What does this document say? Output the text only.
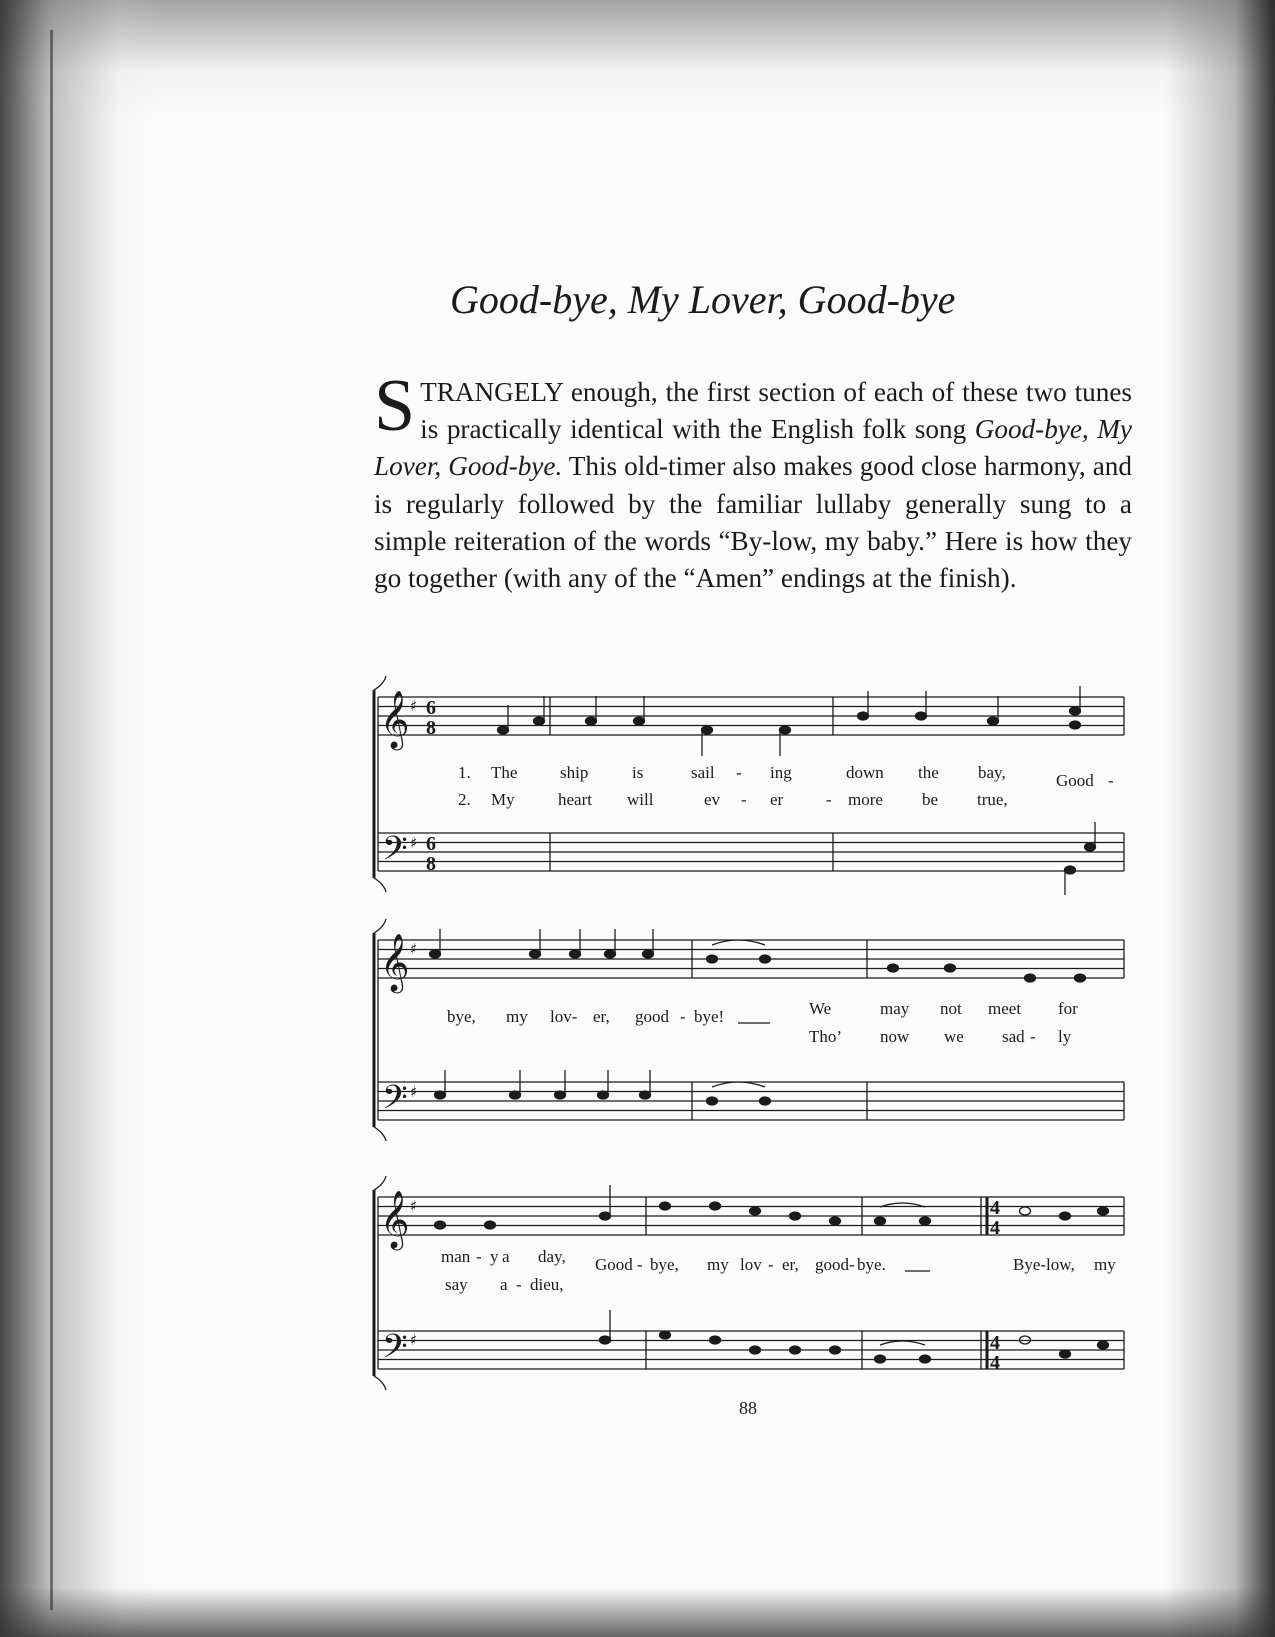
Good-bye, My Lover, Good-bye
STRANGELY enough, the first section of each of these two tunes is practically identical with the English folk song Good-bye, My Lover, Good-bye. This old-timer also makes good close harmony, and is regularly followed by the familiar lullaby generally sung to a simple reiteration of the words “By-low, my baby.” Here is how they go together (with any of the “Amen” endings at the finish).
𝄞
𝄢
𝄞
𝄢
𝄞
𝄢
♯
♯
♯
♯
♯
♯
6
8
6
8
4
4
4
4
1.
2.
The	ship	is	sail - ing	down the bay,	Good -
My	heart will	ev - er	- more be true,
bye, my lov- er, good - bye!	We	may not meet for
Tho’ now we sad - ly
man - y a day, Good - bye, my lov - er, good - bye.	Bye-low, my
say a - dieu,
88
